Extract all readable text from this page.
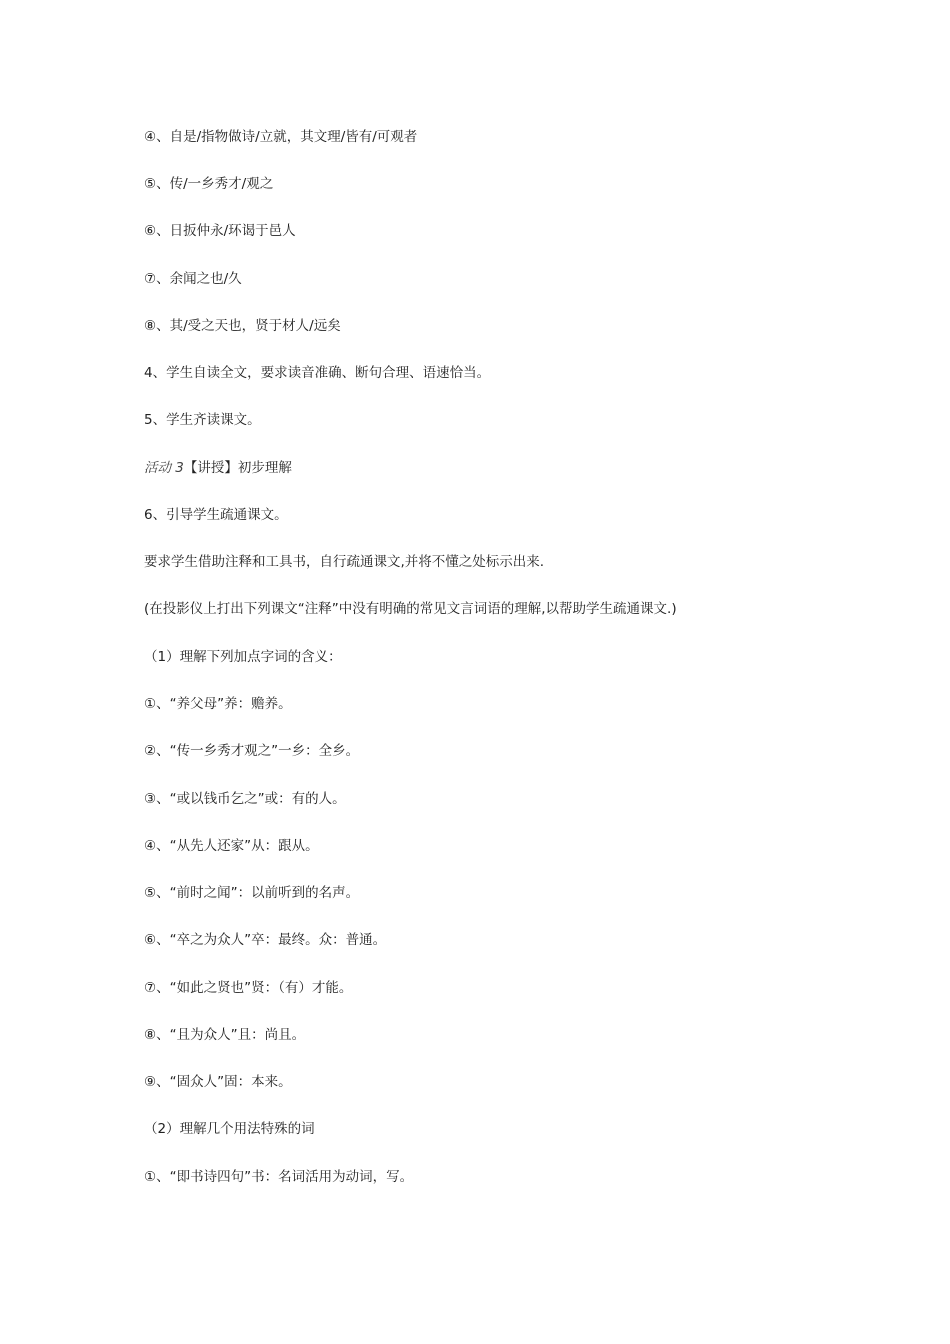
④、自是/指物做诗/立就，其文理/皆有/可观者
⑤、传/一乡秀才/观之
⑥、日扳仲永/环谒于邑人
⑦、余闻之也/久
⑧、其/受之天也，贤于材人/远矣
4、学生自读全文，要求读音准确、断句合理、语速恰当。
5、学生齐读课文。
活动 3【讲授】初步理解
6、引导学生疏通课文。
要求学生借助注释和工具书，自行疏通课文,并将不懂之处标示出来.
(在投影仪上打出下列课文“注释”中没有明确的常见文言词语的理解,以帮助学生疏通课文.)
（1）理解下列加点字词的含义：
①、“养父母”养：赡养。
②、“传一乡秀才观之”一乡：全乡。
③、“或以钱币乞之”或：有的人。
④、“从先人还家”从：跟从。
⑤、“前时之闻”：以前听到的名声。
⑥、“卒之为众人”卒：最终。众：普通。
⑦、“如此之贤也”贤：（有）才能。
⑧、“且为众人”且：尚且。
⑨、“固众人”固：本来。
（2）理解几个用法特殊的词
①、“即书诗四句”书：名词活用为动词，写。
